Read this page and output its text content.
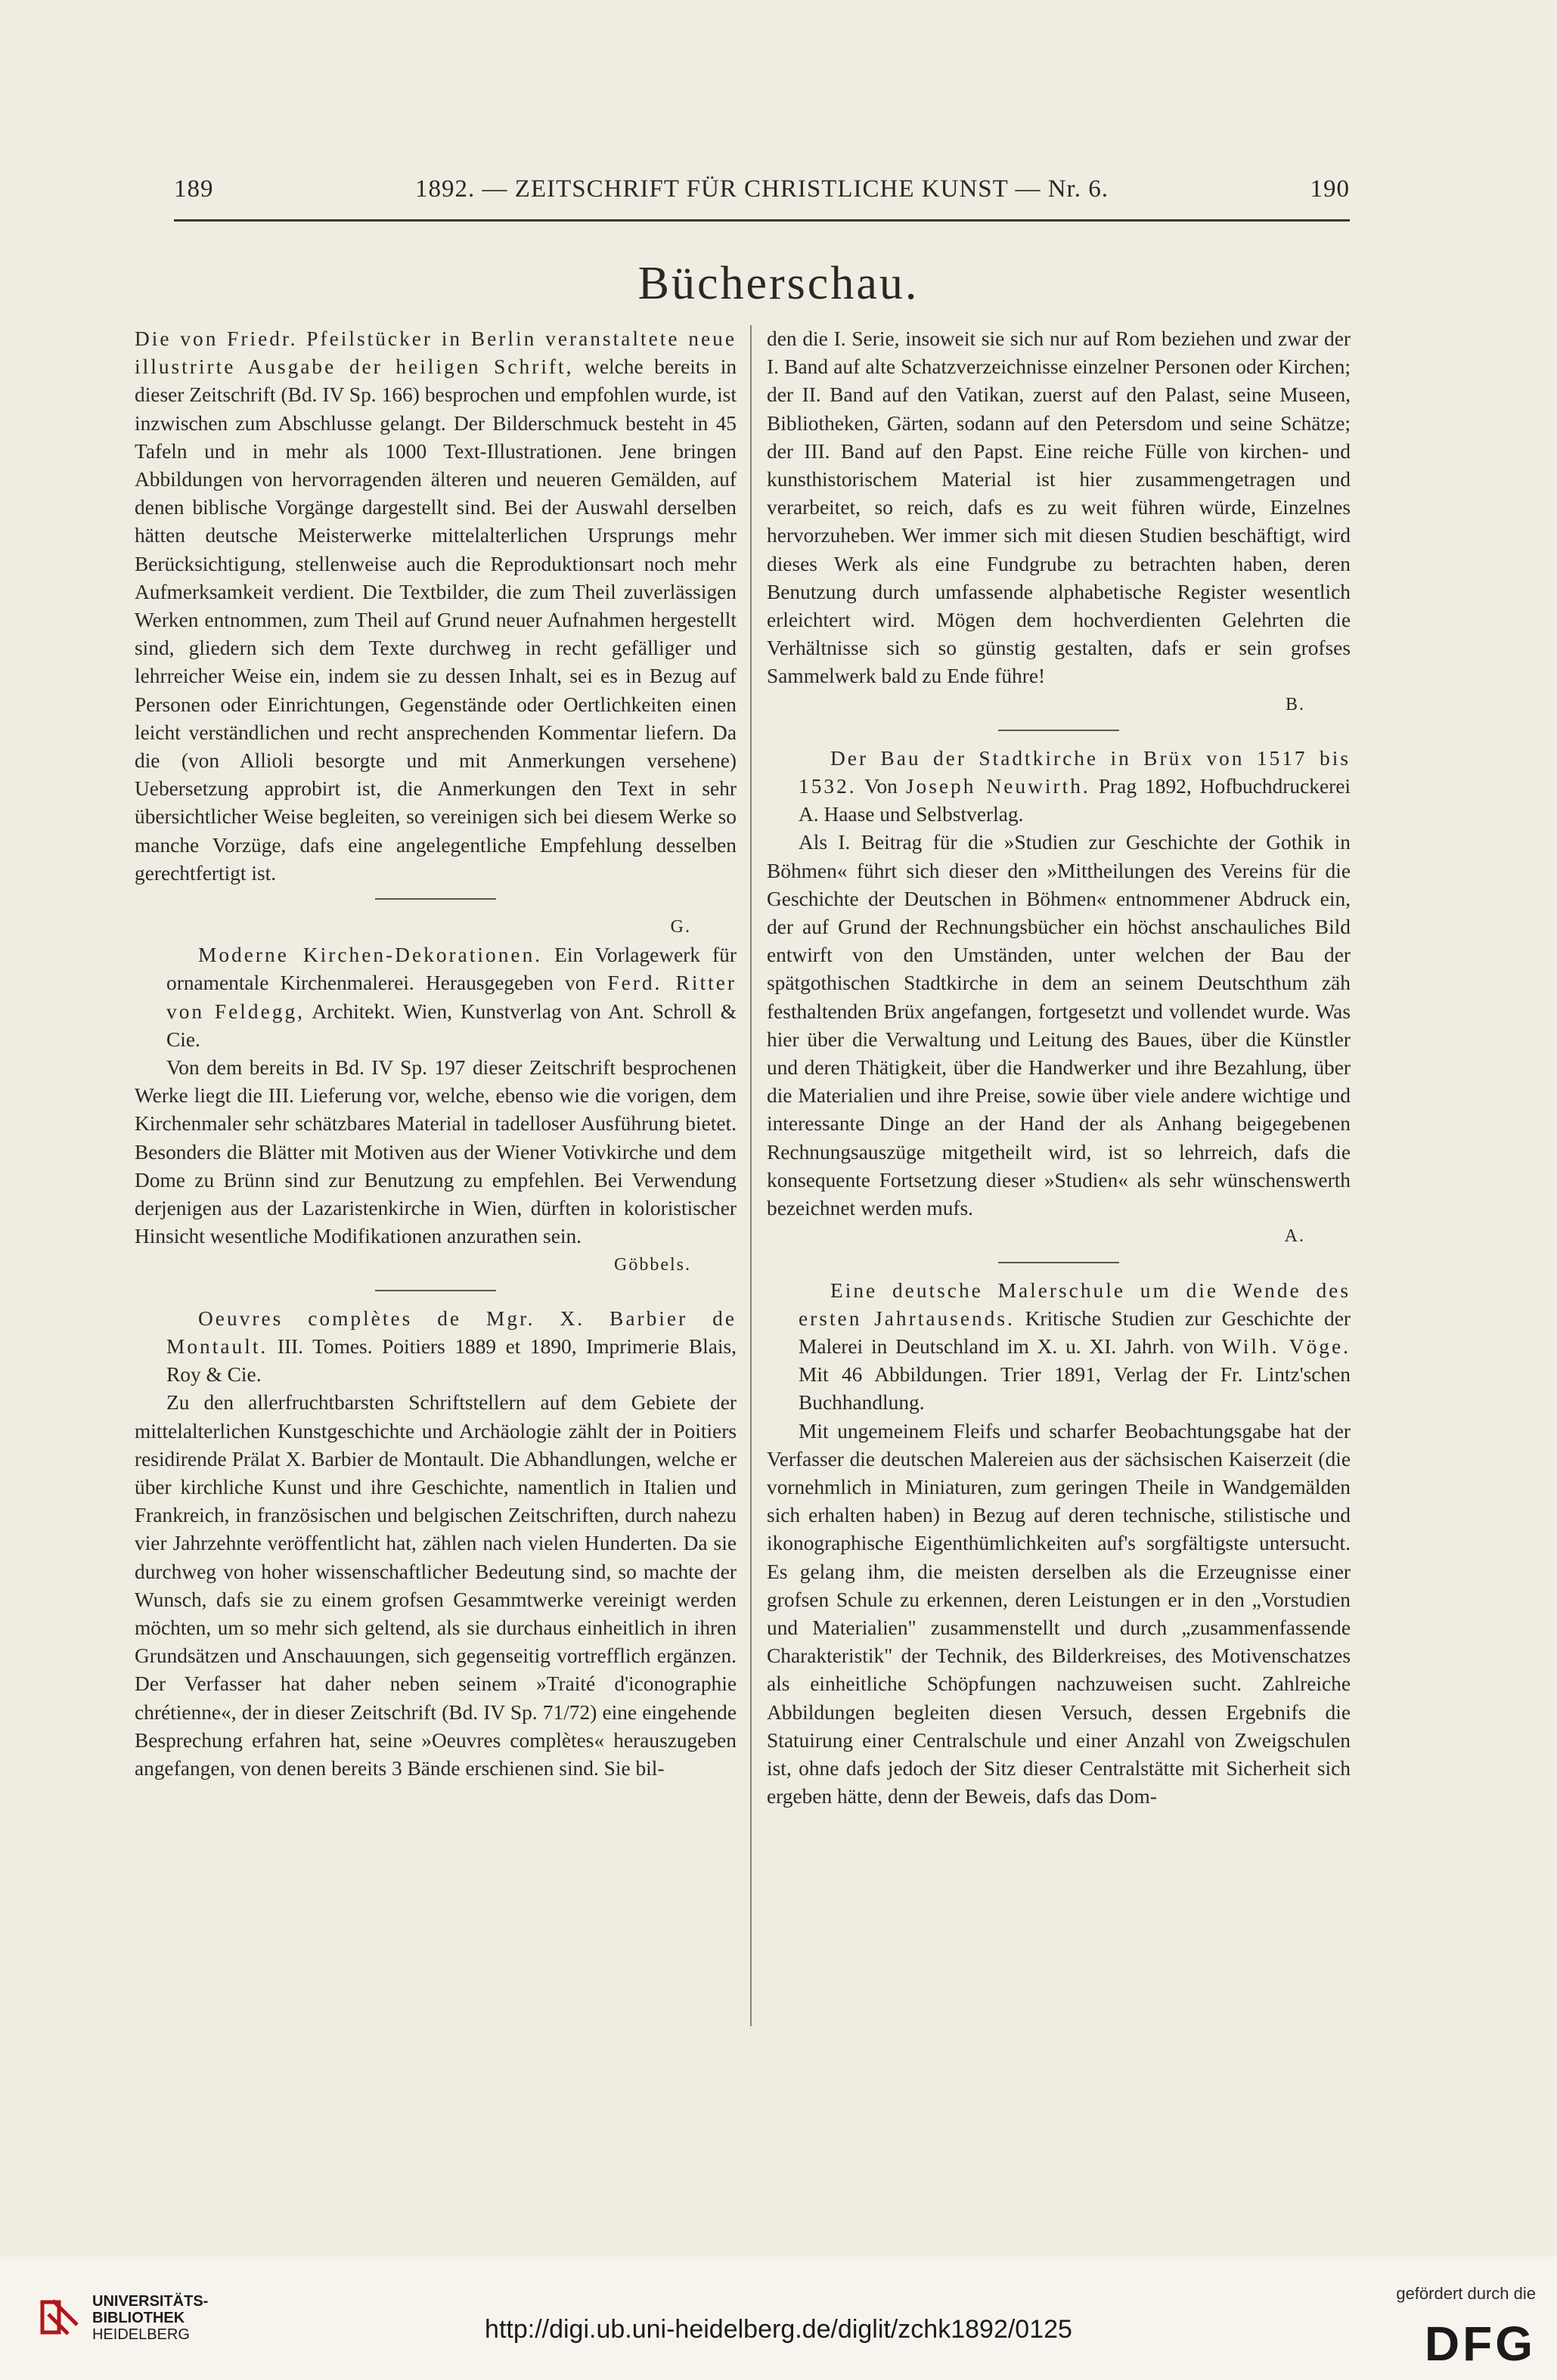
189	1892. — ZEITSCHRIFT FÜR CHRISTLICHE KUNST — Nr. 6.	190
Bücherschau.

Die von Friedr. Pfeilstücker in Berlin veranstaltete neue illustrirte Ausgabe der heiligen Schrift, welche bereits in dieser Zeitschrift (Bd. IV Sp. 166) besprochen und empfohlen wurde, ist inzwischen zum Abschlusse gelangt. Der Bilderschmuck besteht in 45 Tafeln und in mehr als 1000 Text-Illustrationen. Jene bringen Abbildungen von hervorragenden älteren und neueren Gemälden, auf denen biblische Vorgänge dargestellt sind. Bei der Auswahl derselben hätten deutsche Meisterwerke mittelalterlichen Ursprungs mehr Berücksichtigung, stellenweise auch die Reproduktionsart noch mehr Aufmerksamkeit verdient. Die Textbilder, die zum Theil zuverlässigen Werken entnommen, zum Theil auf Grund neuer Aufnahmen hergestellt sind, gliedern sich dem Texte durchweg in recht gefälliger und lehrreicher Weise ein, indem sie zu dessen Inhalt, sei es in Bezug auf Personen oder Einrichtungen, Gegenstände oder Oertlichkeiten einen leicht verständlichen und recht ansprechenden Kommentar liefern. Da die (von Allioli besorgte und mit Anmerkungen versehene) Uebersetzung approbirt ist, die Anmerkungen den Text in sehr übersichtlicher Weise begleiten, so vereinigen sich bei diesem Werke so manche Vorzüge, dafs eine angelegentliche Empfehlung desselben gerechtfertigt ist.

G.

Moderne Kirchen-Dekorationen. Ein Vorlagewerk für ornamentale Kirchenmalerei. Herausgegeben von Ferd. Ritter von Feldegg, Architekt. Wien, Kunstverlag von Ant. Schroll & Cie.

Von dem bereits in Bd. IV Sp. 197 dieser Zeitschrift besprochenen Werke liegt die III. Lieferung vor, welche, ebenso wie die vorigen, dem Kirchenmaler sehr schätzbares Material in tadelloser Ausführung bietet. Besonders die Blätter mit Motiven aus der Wiener Votivkirche und dem Dome zu Brünn sind zur Benutzung zu empfehlen. Bei Verwendung derjenigen aus der Lazaristenkirche in Wien, dürften in koloristischer Hinsicht wesentliche Modifikationen anzurathen sein.

Göbbels.

Oeuvres complètes de Mgr. X. Barbier de Montault. III. Tomes. Poitiers 1889 et 1890, Imprimerie Blais, Roy & Cie.

Zu den allerfruchtbarsten Schriftstellern auf dem Gebiete der mittelalterlichen Kunstgeschichte und Archäologie zählt der in Poitiers residirende Prälat X. Barbier de Montault. Die Abhandlungen, welche er über kirchliche Kunst und ihre Geschichte, namentlich in Italien und Frankreich, in französischen und belgischen Zeitschriften, durch nahezu vier Jahrzehnte veröffentlicht hat, zählen nach vielen Hunderten. Da sie durchweg von hoher wissenschaftlicher Bedeutung sind, so machte der Wunsch, dafs sie zu einem grofsen Gesammtwerke vereinigt werden möchten, um so mehr sich geltend, als sie durchaus einheitlich in ihren Grundsätzen und Anschauungen, sich gegenseitig vortrefflich ergänzen. Der Verfasser hat daher neben seinem »Traité d'iconographie chrétienne«, der in dieser Zeitschrift (Bd. IV Sp. 71/72) eine eingehende Besprechung erfahren hat, seine »Oeuvres complètes« herauszugeben angefangen, von denen bereits 3 Bände erschienen sind. Sie bil-

den die I. Serie, insoweit sie sich nur auf Rom beziehen und zwar der I. Band auf alte Schatzverzeichnisse einzelner Personen oder Kirchen; der II. Band auf den Vatikan, zuerst auf den Palast, seine Museen, Bibliotheken, Gärten, sodann auf den Petersdom und seine Schätze; der III. Band auf den Papst. Eine reiche Fülle von kirchen- und kunsthistorischem Material ist hier zusammengetragen und verarbeitet, so reich, dafs es zu weit führen würde, Einzelnes hervorzuheben. Wer immer sich mit diesen Studien beschäftigt, wird dieses Werk als eine Fundgrube zu betrachten haben, deren Benutzung durch umfassende alphabetische Register wesentlich erleichtert wird. Mögen dem hochverdienten Gelehrten die Verhältnisse sich so günstig gestalten, dafs er sein grofses Sammelwerk bald zu Ende führe!

B.

Der Bau der Stadtkirche in Brüx von 1517 bis 1532. Von Joseph Neuwirth. Prag 1892, Hofbuchdruckerei A. Haase und Selbstverlag.

Als I. Beitrag für die »Studien zur Geschichte der Gothik in Böhmen« führt sich dieser den »Mittheilungen des Vereins für die Geschichte der Deutschen in Böhmen« entnommener Abdruck ein, der auf Grund der Rechnungsbücher ein höchst anschauliches Bild entwirft von den Umständen, unter welchen der Bau der spätgothischen Stadtkirche in dem an seinem Deutschthum zäh festhaltenden Brüx angefangen, fortgesetzt und vollendet wurde. Was hier über die Verwaltung und Leitung des Baues, über die Künstler und deren Thätigkeit, über die Handwerker und ihre Bezahlung, über die Materialien und ihre Preise, sowie über viele andere wichtige und interessante Dinge an der Hand der als Anhang beigegebenen Rechnungsauszüge mitgetheilt wird, ist so lehrreich, dafs die konsequente Fortsetzung dieser »Studien« als sehr wünschenswerth bezeichnet werden mufs.

A.

Eine deutsche Malerschule um die Wende des ersten Jahrtausends. Kritische Studien zur Geschichte der Malerei in Deutschland im X. u. XI. Jahrh. von Wilh. Vöge. Mit 46 Abbildungen. Trier 1891, Verlag der Fr. Lintz'schen Buchhandlung.

Mit ungemeinem Fleifs und scharfer Beobachtungsgabe hat der Verfasser die deutschen Malereien aus der sächsischen Kaiserzeit (die vornehmlich in Miniaturen, zum geringen Theile in Wandgemälden sich erhalten haben) in Bezug auf deren technische, stilistische und ikonographische Eigenthümlichkeiten auf's sorgfältigste untersucht. Es gelang ihm, die meisten derselben als die Erzeugnisse einer grofsen Schule zu erkennen, deren Leistungen er in den „Vorstudien und Materialien" zusammenstellt und durch „zusammenfassende Charakteristik" der Technik, des Bilderkreises, des Motivenschatzes als einheitliche Schöpfungen nachzuweisen sucht. Zahlreiche Abbildungen begleiten diesen Versuch, dessen Ergebnifs die Statuirung einer Centralschule und einer Anzahl von Zweigschulen ist, ohne dafs jedoch der Sitz dieser Centralstätte mit Sicherheit sich ergeben hätte, denn der Beweis, dafs das Dom-

UNIVERSITÄTS-
BIBLIOTHEK
HEIDELBERG	http://digi.ub.uni-heidelberg.de/diglit/zchk1892/0125
gefördert durch die
DFG
